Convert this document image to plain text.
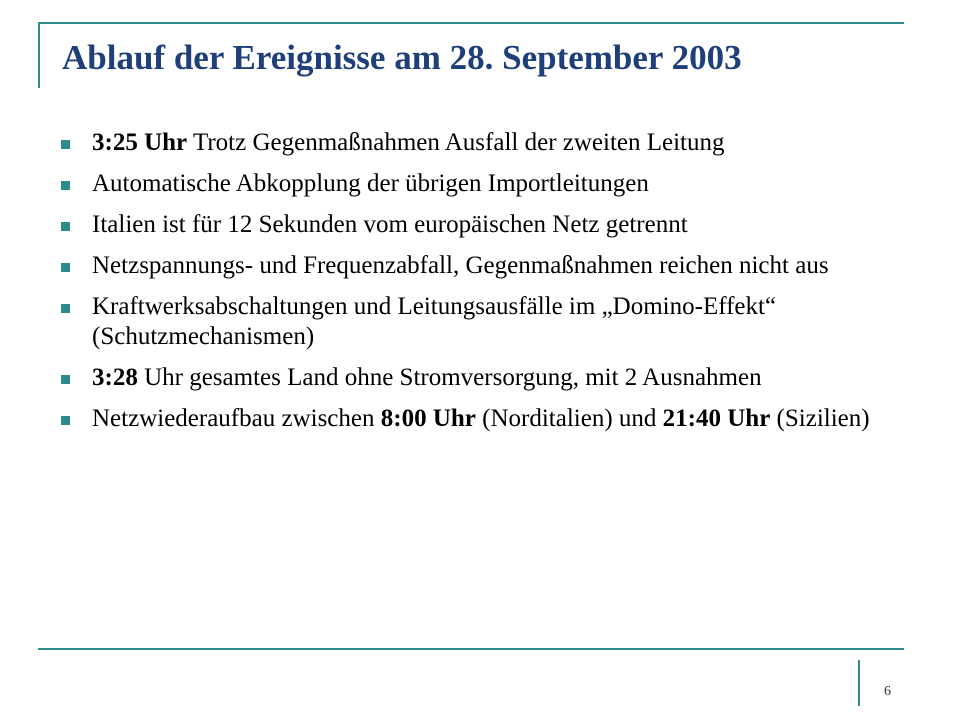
Ablauf der Ereignisse am 28. September 2003
3:25 Uhr Trotz Gegenmaßnahmen Ausfall der zweiten Leitung
Automatische Abkopplung der übrigen Importleitungen
Italien ist für 12 Sekunden vom europäischen Netz getrennt
Netzspannungs- und Frequenzabfall, Gegenmaßnahmen reichen nicht aus
Kraftwerksabschaltungen und Leitungsausfälle im „Domino-Effekt“ (Schutzmechanismen)
3:28 Uhr gesamtes Land ohne Stromversorgung, mit 2 Ausnahmen
Netzwiederaufbau zwischen 8:00 Uhr (Norditalien) und 21:40 Uhr (Sizilien)
6
